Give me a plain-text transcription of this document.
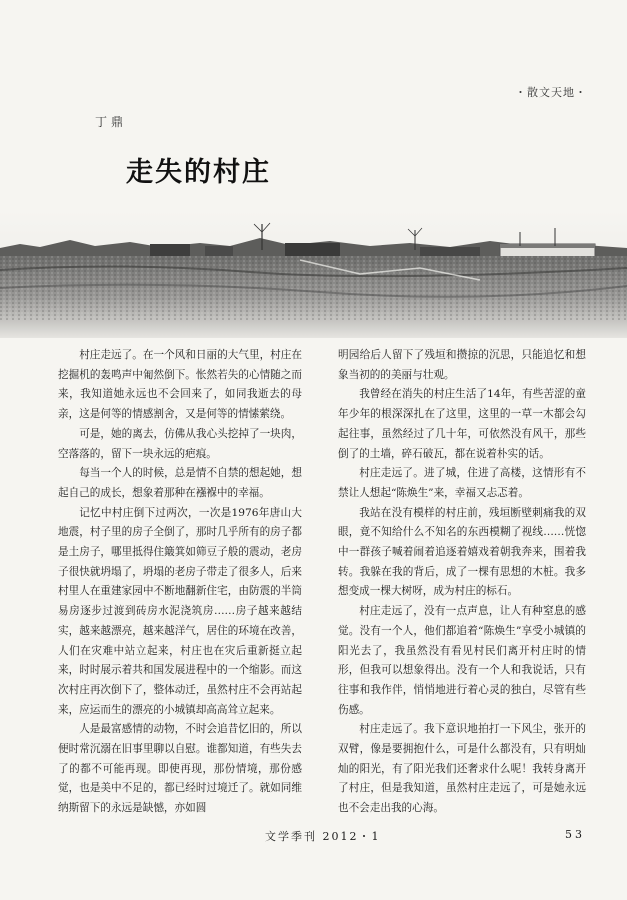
・散文天地・
丁鼎
走失的村庄

村庄走远了。在一个风和日丽的大气里，村庄在挖掘机的轰鸣声中匍然倒下。怅然若失的心情随之而来，我知道她永远也不会回来了，如同我逝去的母亲，这是何等的情感割舍，又是何等的情愫萦绕。

可是，她的离去，仿佛从我心头挖掉了一块肉，空落落的，留下一块永远的疤痕。

每当一个人的时候，总是情不自禁的想起她，想起自己的成长，想象着那种在襁褓中的幸福。

记忆中村庄倒下过两次，一次是1976年唐山大地震，村子里的房子全倒了，那时几乎所有的房子都是土房子，哪里抵得住簸箕如筛豆子般的震动，老房子很快就坍塌了，坍塌的老房子带走了很多人，后来村里人在重建家园中不断地翻新住宅，由防震的半筒易房逐步过渡到砖房水泥浇筑房……房子越来越结实，越来越漂亮，越来越洋气，居住的环境在改善，人们在灾难中站立起来，村庄也在灾后重新挺立起来，时时展示着共和国发展进程中的一个缩影。而这次村庄再次倒下了，整体动迁，虽然村庄不会再站起来，应运而生的漂亮的小城镇却高高耸立起来。

人是最富感情的动物，不时会追昔忆旧的，所以便时常沉溺在旧事里聊以自慰。谁都知道，有些失去了的都不可能再现。即使再现，那份情境，那份感觉，也是美中不足的，都已经时过境迁了。就如同维纳斯留下的永远是缺憾，亦如圆

明园给后人留下了残垣和攒掠的沉思，只能追忆和想象当初的的美丽与壮观。

我曾经在消失的村庄生活了14年，有些苦涩的童年少年的根深深扎在了这里，这里的一草一木都会勾起往事，虽然经过了几十年，可依然没有风干，那些倒了的土墙，碎石破瓦，都在说着朴实的话。

村庄走远了。进了城，住进了高楼，这情形有不禁让人想起“陈焕生”来，幸福又忐忑着。

我站在没有模样的村庄前，残垣断壁刺痛我的双眼，竟不知给什么不知名的东西模糊了视线……恍惚中一群孩子喊着闹着追逐着嬉戏着朝我奔来，围着我转。我躲在我的背后，成了一棵有思想的木桩。我多想变成一棵大树呀，成为村庄的标石。

村庄走远了，没有一点声息，让人有种窒息的感觉。没有一个人，他们都追着“陈焕生”享受小城镇的阳光去了，我虽然没有看见村民们离开村庄时的情形，但我可以想象得出。没有一个人和我说话，只有往事和我作伴，悄悄地进行着心灵的独白，尽管有些伤感。

村庄走远了。我下意识地拍打一下风尘，张开的双臂，像是要拥抱什么，可是什么都没有，只有明灿灿的阳光，有了阳光我们还奢求什么呢！我转身离开了村庄，但是我知道，虽然村庄走远了，可是她永远也不会走出我的心海。

文学季刊 2012・1	53
